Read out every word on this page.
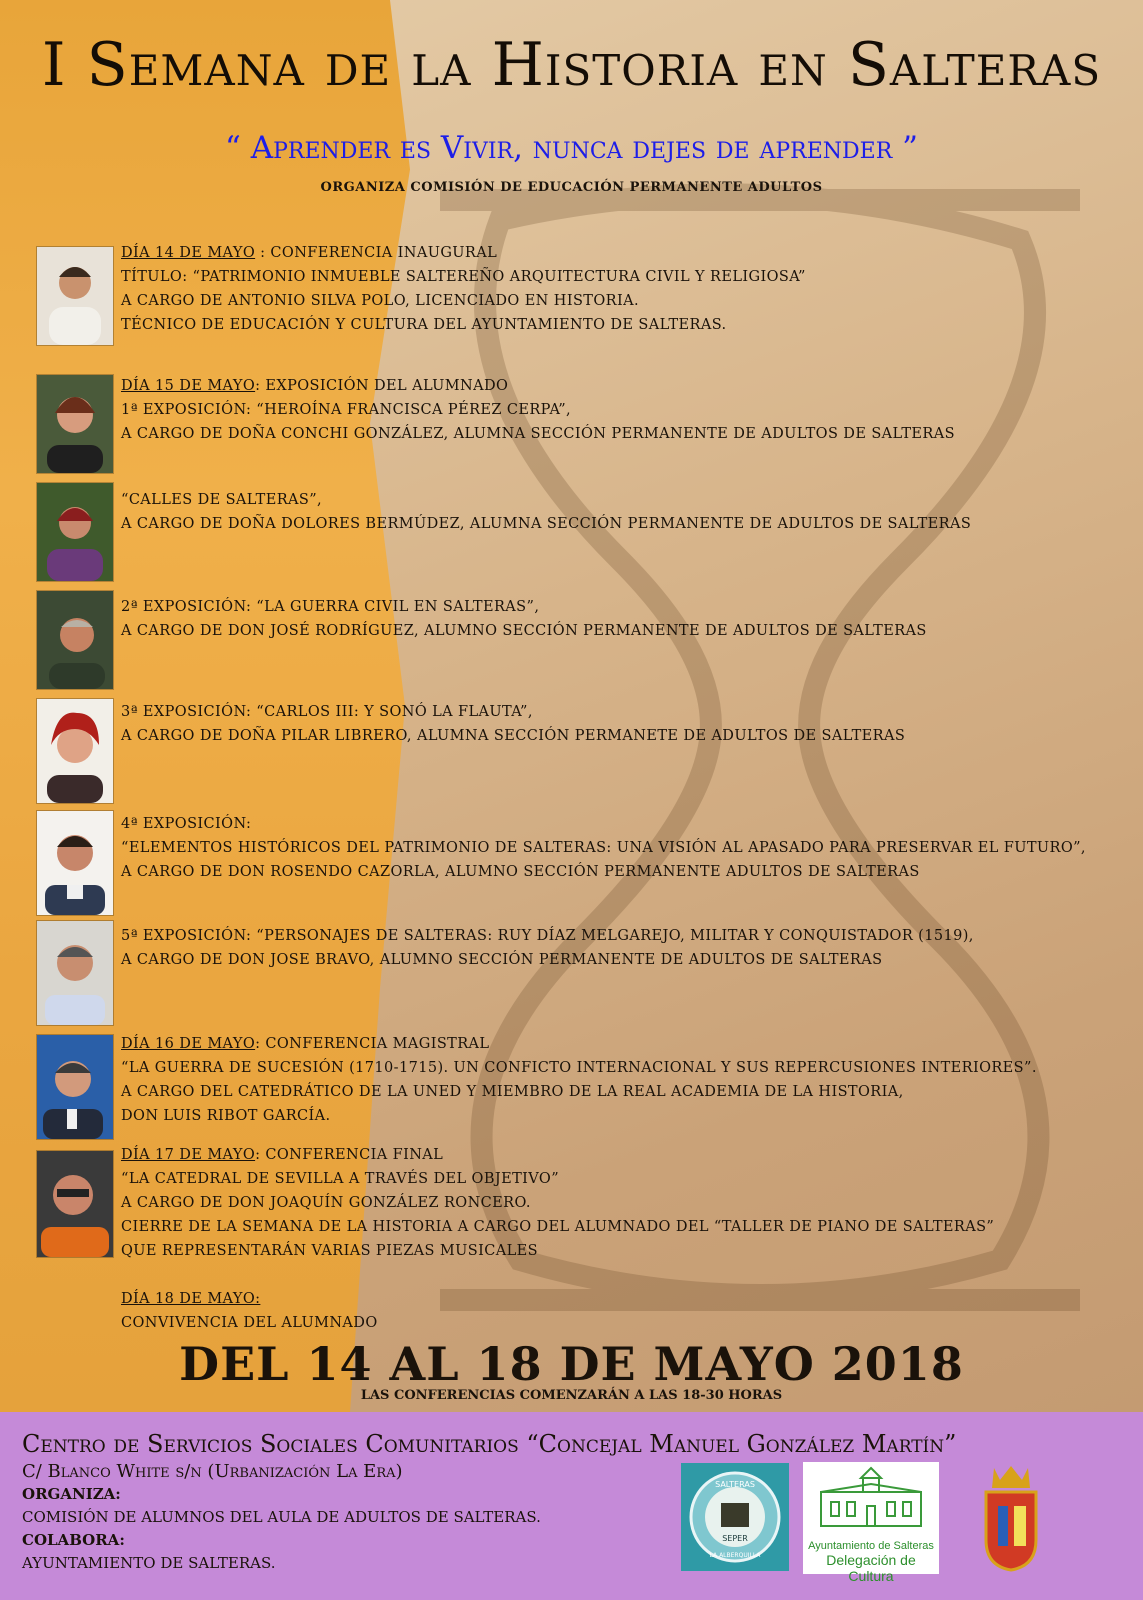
I Semana de la Historia en Salteras
“ Aprender es Vivir, nunca dejes de aprender ”
ORGANIZA COMISIÓN DE EDUCACIÓN PERMANENTE ADULTOS
DÍA 14 DE MAYO : CONFERENCIA INAUGURAL
TÍTULO: “PATRIMONIO INMUEBLE SALTEREÑO ARQUITECTURA CIVIL Y RELIGIOSA”
A CARGO DE ANTONIO SILVA POLO, LICENCIADO EN HISTORIA.
TÉCNICO DE EDUCACIÓN Y CULTURA DEL AYUNTAMIENTO DE SALTERAS.
DÍA 15 DE MAYO: EXPOSICIÓN DEL ALUMNADO
1ª EXPOSICIÓN: “HEROÍNA FRANCISCA PÉREZ CERPA”,
A CARGO DE DOÑA CONCHI GONZÁLEZ, ALUMNA SECCIÓN PERMANENTE DE ADULTOS DE SALTERAS
“CALLES DE SALTERAS”,
A CARGO DE DOÑA DOLORES BERMÚDEZ, ALUMNA SECCIÓN PERMANENTE DE ADULTOS DE SALTERAS
2ª EXPOSICIÓN: “LA GUERRA CIVIL EN SALTERAS”,
A CARGO DE DON JOSÉ RODRÍGUEZ, ALUMNO SECCIÓN PERMANENTE DE ADULTOS DE SALTERAS
3ª EXPOSICIÓN: “CARLOS III: Y SONÓ LA FLAUTA”,
A CARGO DE DOÑA PILAR LIBRERO, ALUMNA SECCIÓN PERMANETE DE ADULTOS DE SALTERAS
4ª EXPOSICIÓN:
“ELEMENTOS HISTÓRICOS DEL PATRIMONIO DE SALTERAS: UNA VISIÓN AL APASADO PARA PRESERVAR EL FUTURO”,
A CARGO DE DON ROSENDO CAZORLA, ALUMNO SECCIÓN PERMANENTE ADULTOS DE SALTERAS
5ª EXPOSICIÓN: “PERSONAJES DE SALTERAS: RUY DÍAZ MELGAREJO, MILITAR Y CONQUISTADOR (1519),
A CARGO DE DON JOSE BRAVO, ALUMNO SECCIÓN PERMANENTE DE ADULTOS DE SALTERAS
DÍA 16 DE MAYO: CONFERENCIA MAGISTRAL
“LA GUERRA DE SUCESIÓN (1710-1715). UN CONFICTO INTERNACIONAL Y SUS REPERCUSIONES INTERIORES”.
A CARGO DEL CATEDRÁTICO DE LA UNED Y MIEMBRO DE LA REAL ACADEMIA DE LA HISTORIA,
DON LUIS RIBOT GARCÍA.
DÍA 17 DE MAYO: CONFERENCIA FINAL
“LA CATEDRAL DE SEVILLA A TRAVÉS DEL OBJETIVO”
A CARGO DE DON JOAQUÍN GONZÁLEZ RONCERO.
CIERRE DE LA SEMANA DE LA HISTORIA A CARGO DEL ALUMNADO DEL “TALLER DE PIANO DE SALTERAS”
QUE REPRESENTARÁN VARIAS PIEZAS MUSICALES
DÍA 18 DE MAYO:
CONVIVENCIA DEL ALUMNADO
DEL 14 AL 18 DE MAYO 2018
LAS CONFERENCIAS COMENZARÁN A LAS 18-30 HORAS
Centro de Servicios Sociales Comunitarios “Concejal Manuel González Martín”
C/ Blanco White s/n (Urbanización La Era)
ORGANIZA:
COMISIÓN DE ALUMNOS DEL AULA DE ADULTOS DE SALTERAS.
COLABORA:
AYUNTAMIENTO DE SALTERAS.
SALTERAS
SEPER
LA ALBERQUILLA
Ayuntamiento de Salteras
Delegación de Cultura
